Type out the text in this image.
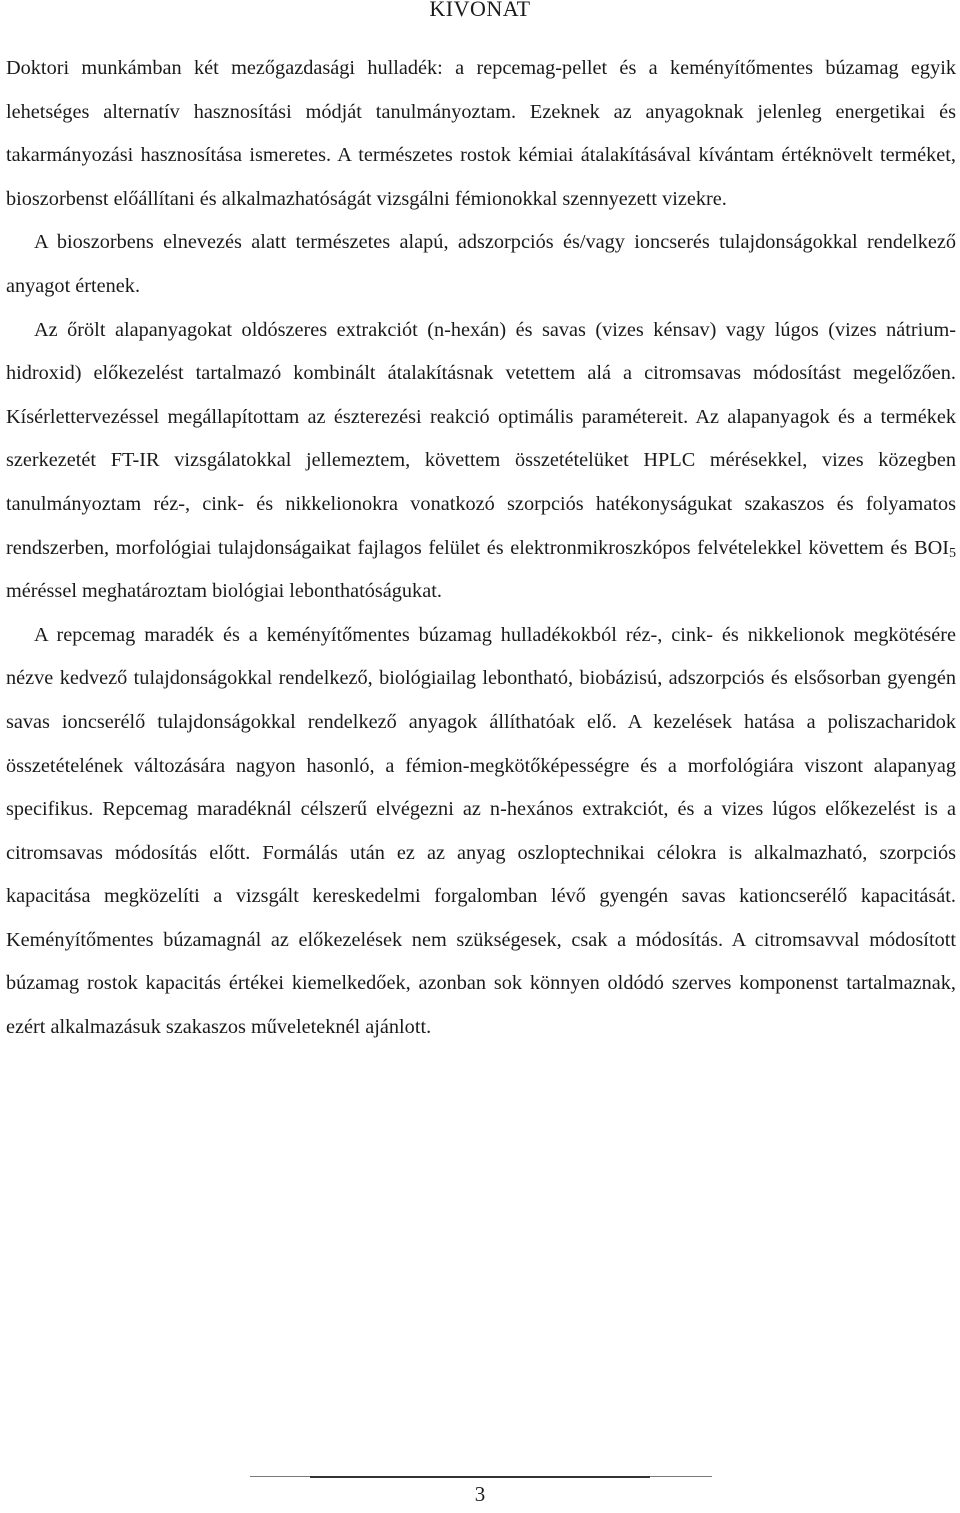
KIVONAT

Doktori munkámban két mezőgazdasági hulladék: a repcemag-pellet és a keményítőmentes búzamag egyik lehetséges alternatív hasznosítási módját tanulmányoztam. Ezeknek az anyagoknak jelenleg energetikai és takarmányozási hasznosítása ismeretes. A természetes rostok kémiai átalakításával kívántam értéknövelt terméket, bioszorbenst előállítani és alkalmazhatóságát vizsgálni fémionokkal szennyezett vizekre.

A bioszorbens elnevezés alatt természetes alapú, adszorpciós és/vagy ioncserés tulajdonságokkal rendelkező anyagot értenek.

Az őrölt alapanyagokat oldószeres extrakciót (n-hexán) és savas (vizes kénsav) vagy lúgos (vizes nátrium-hidroxid) előkezelést tartalmazó kombinált átalakításnak vetettem alá a citromsavas módosítást megelőzően. Kísérlettervezéssel megállapítottam az észterezési reakció optimális paramétereit. Az alapanyagok és a termékek szerkezetét FT-IR vizsgálatokkal jellemeztem, követtem összetételüket HPLC mérésekkel, vizes közegben tanulmányoztam réz-, cink- és nikkelionokra vonatkozó szorpciós hatékonyságukat szakaszos és folyamatos rendszerben, morfológiai tulajdonságaikat fajlagos felület és elektronmikroszkópos felvételekkel követtem és $BOI_5$ méréssel meghatároztam biológiai lebonthatóságukat.

A repcemag maradék és a keményítőmentes búzamag hulladékokból réz-, cink- és nikkelionok megkötésére nézve kedvező tulajdonságokkal rendelkező, biológiailag lebontható, biobázisú, adszorpciós és elsősorban gyengén savas ioncserélő tulajdonságokkal rendelkező anyagok állíthatóak elő. A kezelések hatása a poliszacharidok összetételének változására nagyon hasonló, a fémion-megkötőképességre és a morfológiára viszont alapanyag specifikus. Repcemag maradéknál célszerű elvégezni az n-hexános extrakciót, és a vizes lúgos előkezelést is a citromsavas módosítás előtt. Formálás után ez az anyag oszloptechnikai célokra is alkalmazható, szorpciós kapacitása megközelíti a vizsgált kereskedelmi forgalomban lévő gyengén savas kationcserélő kapacitását. Keményítőmentes búzamagnál az előkezelések nem szükségesek, csak a módosítás. A citromsavval módosított búzamag rostok kapacitás értékei kiemelkedőek, azonban sok könnyen oldódó szerves komponenst tartalmaznak, ezért alkalmazásuk szakaszos műveleteknél ajánlott.

3
